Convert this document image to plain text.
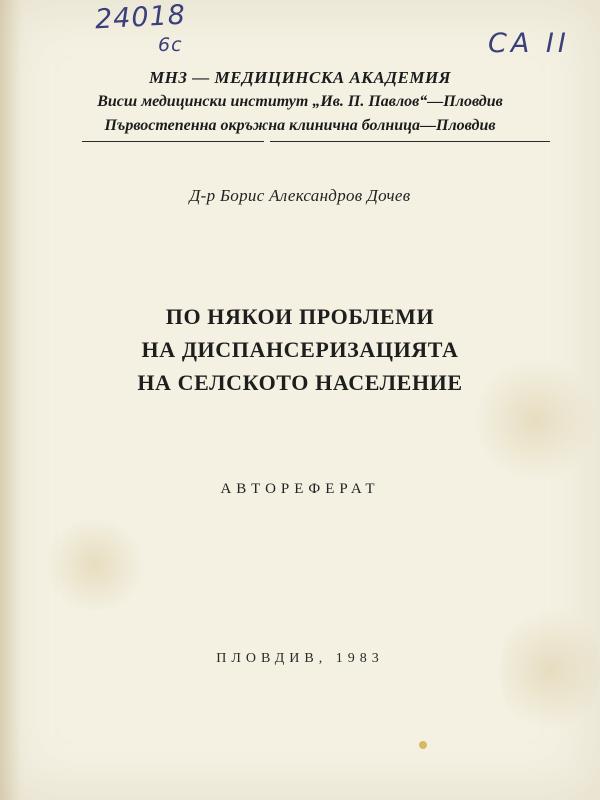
24018
6c	CA II

МНЗ — МЕДИЦИНСКА АКАДЕМИЯ

Висш медицински институт „Ив. П. Павлов“—Пловдив

Първостепенна окръжна клинична болница—Пловдив

Д-р Борис Александров Дочев

ПО НЯКОИ ПРОБЛЕМИ

НА ДИСПАНСЕРИЗАЦИЯТА

НА СЕЛСКОТО НАСЕЛЕНИЕ

АВТОРЕФЕРАТ

ПЛОВДИВ, 1983
